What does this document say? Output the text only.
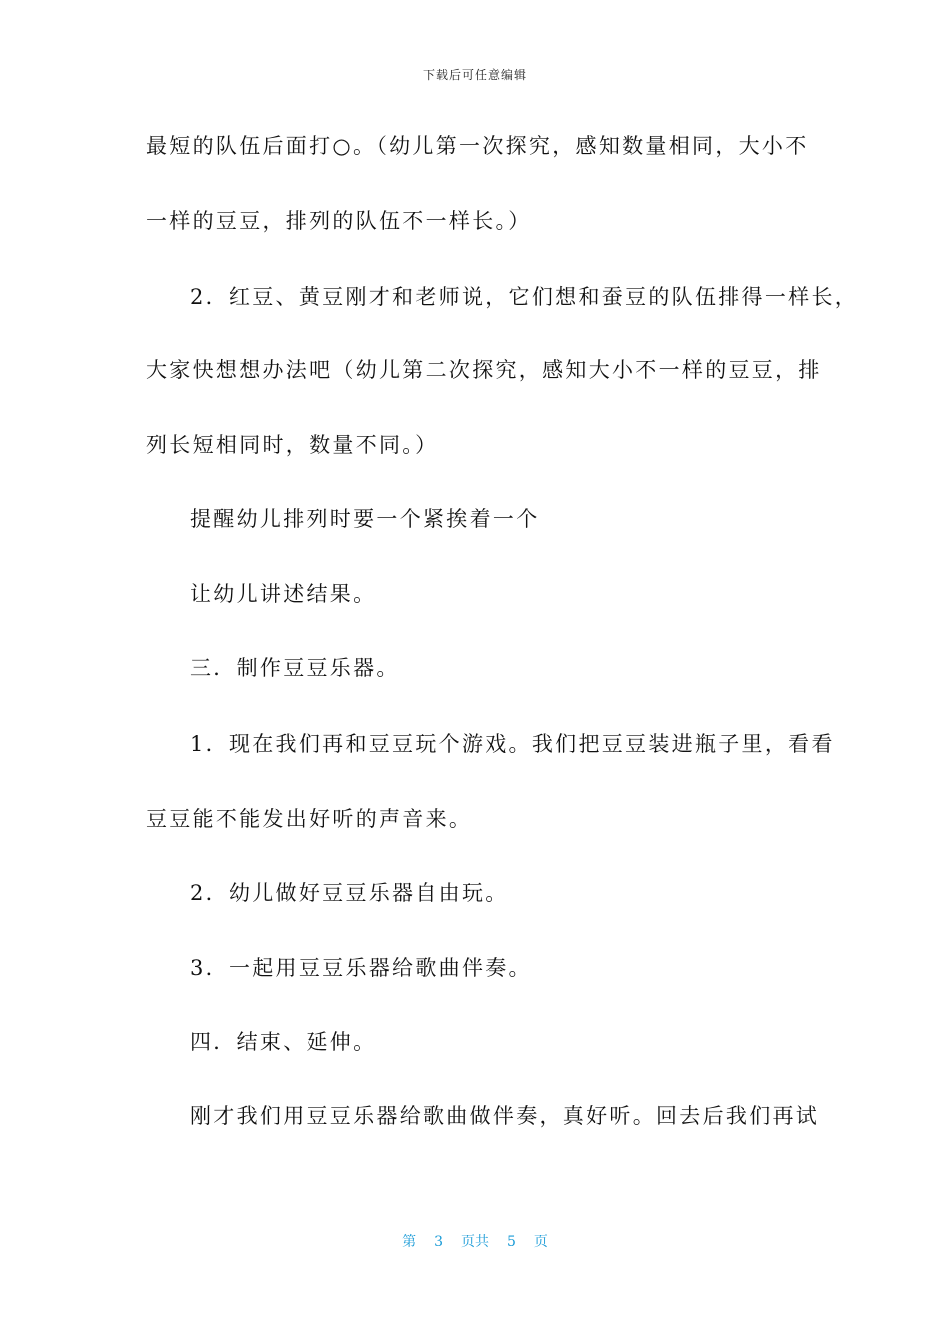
下载后可任意编辑
最短的队伍后面打○。（幼儿第一次探究，感知数量相同，大小不
一样的豆豆，排列的队伍不一样长。）
2．红豆、黄豆刚才和老师说，它们想和蚕豆的队伍排得一样长，
大家快想想办法吧（幼儿第二次探究，感知大小不一样的豆豆，排
列长短相同时，数量不同。）
提醒幼儿排列时要一个紧挨着一个
让幼儿讲述结果。
三．制作豆豆乐器。
1．现在我们再和豆豆玩个游戏。我们把豆豆装进瓶子里，看看
豆豆能不能发出好听的声音来。
2．幼儿做好豆豆乐器自由玩。
3．一起用豆豆乐器给歌曲伴奏。
四．结束、延伸。
刚才我们用豆豆乐器给歌曲做伴奏，真好听。回去后我们再试
第 3 页共 5 页
